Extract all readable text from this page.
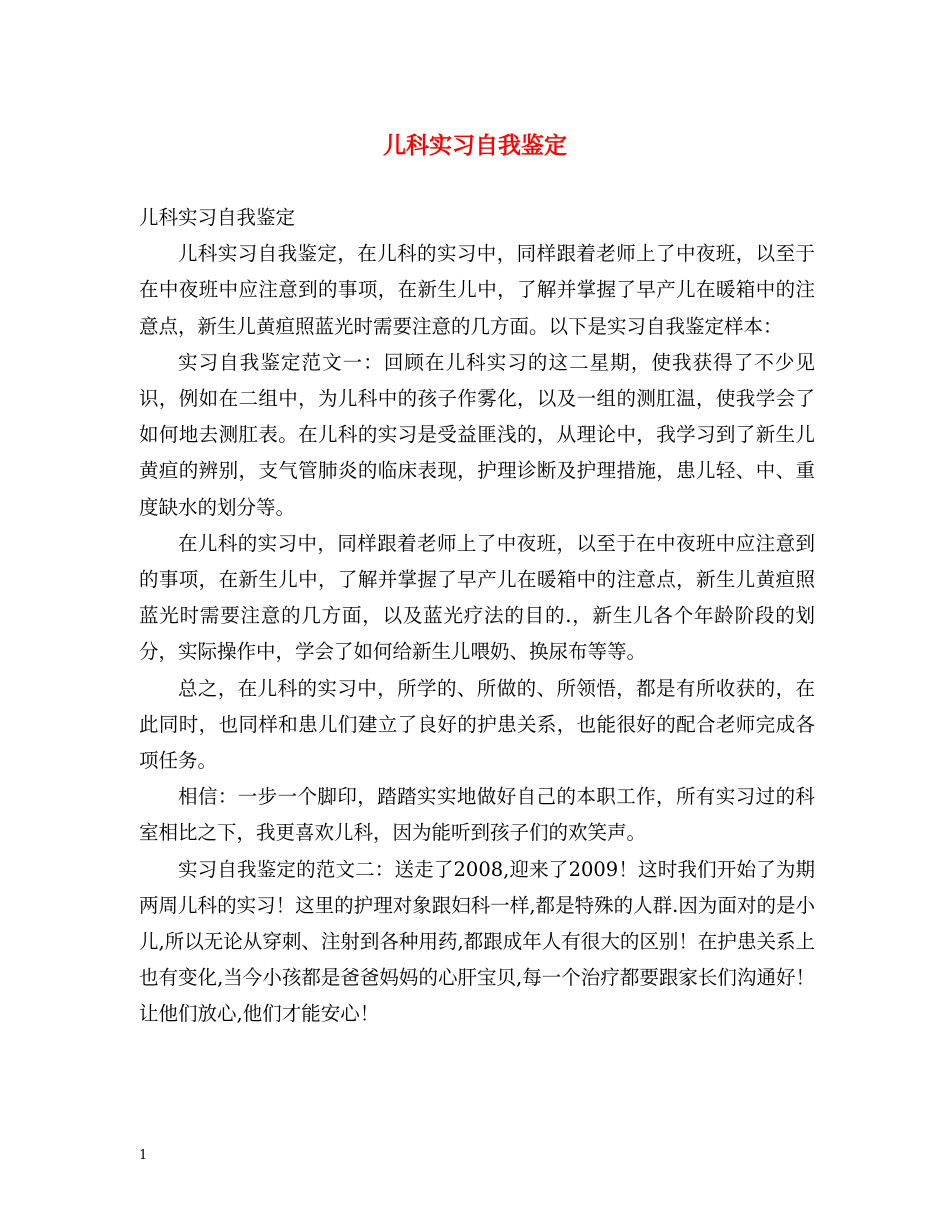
儿科实习自我鉴定

儿科实习自我鉴定

儿科实习自我鉴定，在儿科的实习中，同样跟着老师上了中夜班，以至于在中夜班中应注意到的事项，在新生儿中，了解并掌握了早产儿在暖箱中的注意点，新生儿黄疸照蓝光时需要注意的几方面。以下是实习自我鉴定样本：

实习自我鉴定范文一：回顾在儿科实习的这二星期，使我获得了不少见识，例如在二组中，为儿科中的孩子作雾化，以及一组的测肛温，使我学会了如何地去测肛表。在儿科的实习是受益匪浅的，从理论中，我学习到了新生儿黄疸的辨别，支气管肺炎的临床表现，护理诊断及护理措施，患儿轻、中、重度缺水的划分等。

在儿科的实习中，同样跟着老师上了中夜班，以至于在中夜班中应注意到的事项，在新生儿中，了解并掌握了早产儿在暖箱中的注意点，新生儿黄疸照蓝光时需要注意的几方面，以及蓝光疗法的目的.，新生儿各个年龄阶段的划分，实际操作中，学会了如何给新生儿喂奶、换尿布等等。

总之，在儿科的实习中，所学的、所做的、所领悟，都是有所收获的，在此同时，也同样和患儿们建立了良好的护患关系，也能很好的配合老师完成各项任务。

相信：一步一个脚印，踏踏实实地做好自己的本职工作，所有实习过的科室相比之下，我更喜欢儿科，因为能听到孩子们的欢笑声。

实习自我鉴定的范文二：送走了2008,迎来了2009！这时我们开始了为期两周儿科的实习！这里的护理对象跟妇科一样,都是特殊的人群.因为面对的是小儿,所以无论从穿刺、注射到各种用药,都跟成年人有很大的区别！在护患关系上也有变化,当今小孩都是爸爸妈妈的心肝宝贝,每一个治疗都要跟家长们沟通好！让他们放心,他们才能安心！

1
